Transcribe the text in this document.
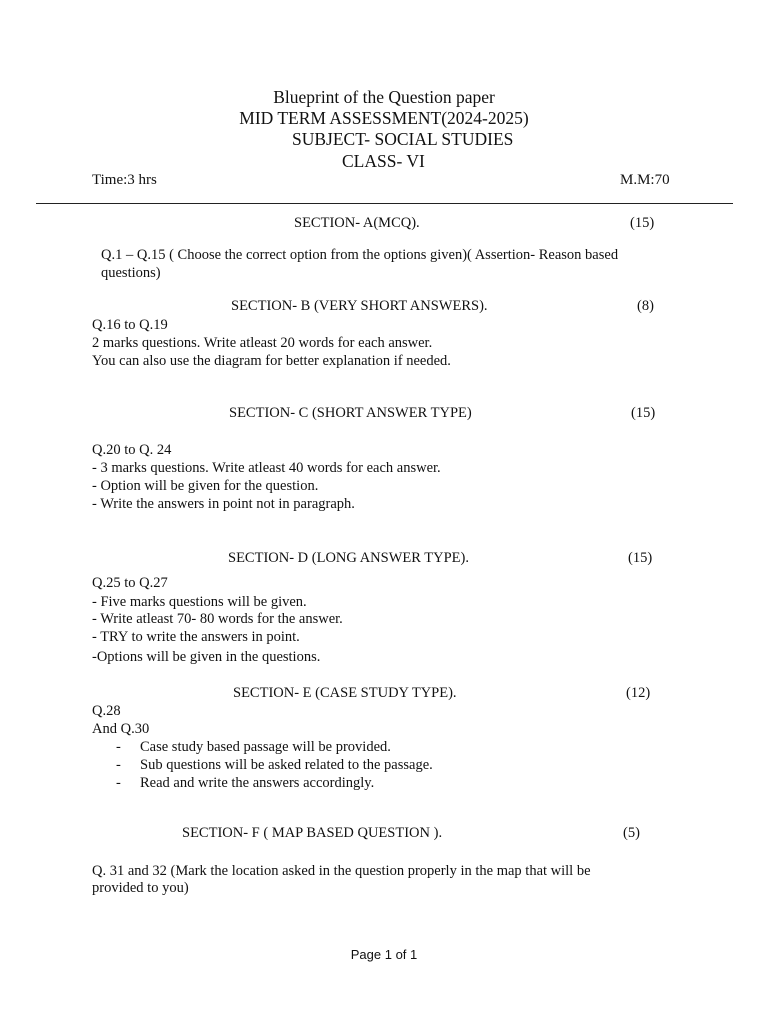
Blueprint of the Question paper
MID TERM ASSESSMENT(2024-2025)
SUBJECT- SOCIAL STUDIES
CLASS- VI
Time:3 hrs	M.M:70
SECTION- A(MCQ).	(15)
Q.1 – Q.15 ( Choose the correct option from the options given)( Assertion- Reason based
questions)
SECTION- B (VERY SHORT ANSWERS).	(8)
Q.16 to Q.19
2 marks questions. Write atleast 20 words for each answer.
You can also use the diagram for better explanation if needed.
SECTION- C (SHORT ANSWER TYPE)	(15)
Q.20 to Q. 24
- 3 marks questions. Write atleast 40 words for each answer.
- Option will be given for the question.
- Write the answers in point not in paragraph.
SECTION- D (LONG ANSWER TYPE).	(15)
Q.25 to Q.27
- Five marks questions will be given.
- Write atleast 70- 80 words for the answer.
- TRY to write the answers in point.
-Options will be given in the questions.
SECTION- E (CASE STUDY TYPE).	(12)
Q.28
And Q.30
- Case study based passage will be provided.
- Sub questions will be asked related to the passage.
- Read and write the answers accordingly.
SECTION- F ( MAP BASED QUESTION ).	(5)
Q. 31 and 32 (Mark the location asked in the question properly in the map that will be
provided to you)
Page 1 of 1
